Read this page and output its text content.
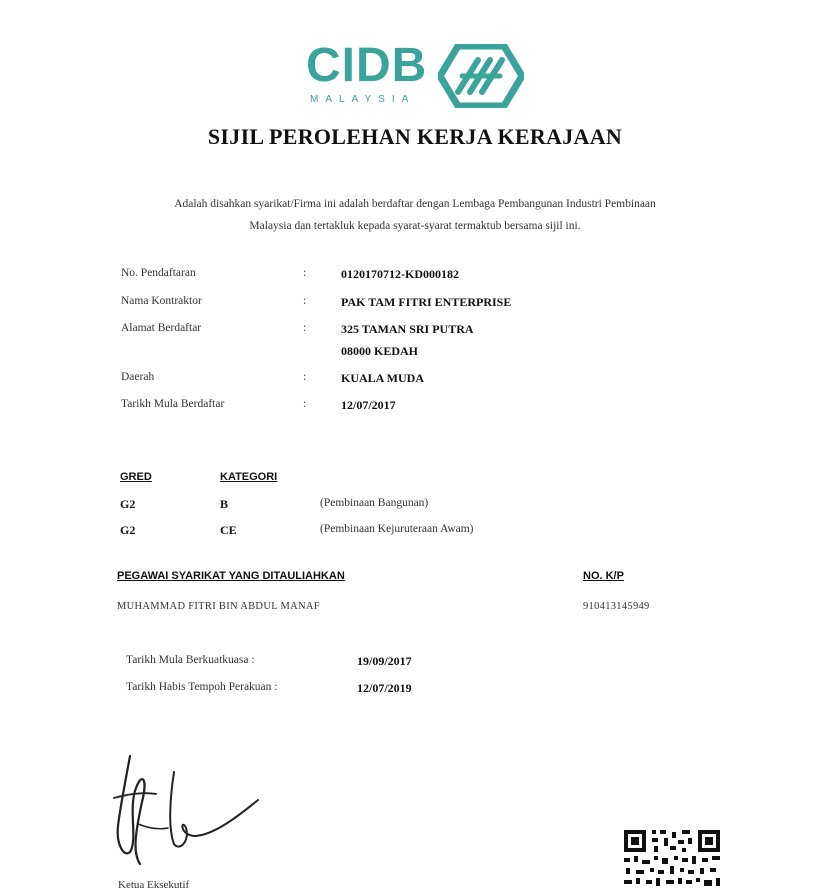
CIDB
MALAYSIA
SIJIL PEROLEHAN KERJA KERAJAAN
Adalah disahkan syarikat/Firma ini adalah berdaftar dengan Lembaga Pembangunan Industri Pembinaan
Malaysia dan tertakluk kepada syarat-syarat termaktub bersama sijil ini.
No. Pendaftaran	:	0120170712-KD000182
Nama Kontraktor	:	PAK TAM FITRI ENTERPRISE
Alamat Berdaftar	:	325 TAMAN SRI PUTRA
08000 KEDAH
Daerah	:	KUALA MUDA
Tarikh Mula Berdaftar	:	12/07/2017
GRED	KATEGORI
G2	B	(Pembinaan Bangunan)
G2	CE	(Pembinaan Kejuruteraan Awam)
PEGAWAI SYARIKAT YANG DITAULIAHKAN	NO. K/P
MUHAMMAD FITRI BIN ABDUL MANAF	910413145949
Tarikh Mula Berkuatkuasa :	19/09/2017
Tarikh Habis Tempoh Perakuan :	12/07/2019
Ketua Eksekutif
